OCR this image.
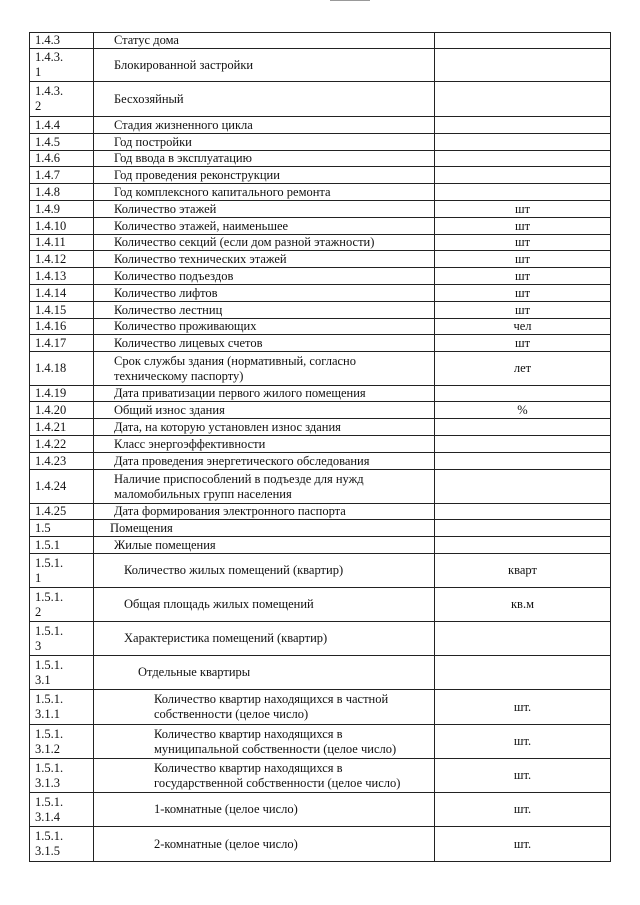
1.4.3	Статус дома	
1.4.3.
1	Блокированной застройки	
1.4.3.
2	Бесхозяйный	
1.4.4	Стадия жизненного цикла	
1.4.5	Год постройки	
1.4.6	Год ввода в эксплуатацию	
1.4.7	Год проведения реконструкции	
1.4.8	Год комплексного капитального ремонта	
1.4.9	Количество этажей	шт
1.4.10	Количество этажей, наименьшее	шт
1.4.11	Количество секций (если дом разной этажности)	шт
1.4.12	Количество технических этажей	шт
1.4.13	Количество подъездов	шт
1.4.14	Количество лифтов	шт
1.4.15	Количество лестниц	шт
1.4.16	Количество проживающих	чел
1.4.17	Количество лицевых счетов	шт
1.4.18	Срок службы здания (нормативный, согласно
техническому паспорту)	лет
1.4.19	Дата приватизации первого жилого помещения	
1.4.20	Общий износ здания	%
1.4.21	Дата, на которую установлен износ здания	
1.4.22	Класс энергоэффективности	
1.4.23	Дата проведения энергетического обследования	
1.4.24	Наличие приспособлений в подъезде для нужд
маломобильных групп населения	
1.4.25	Дата формирования электронного паспорта	
1.5	Помещения	
1.5.1	Жилые помещения	
1.5.1.
1	Количество жилых помещений (квартир)	кварт
1.5.1.
2	Общая площадь жилых помещений	кв.м
1.5.1.
3	Характеристика помещений (квартир)	
1.5.1.
3.1	Отдельные квартиры	
1.5.1.
3.1.1	Количество квартир находящихся в частной
собственности (целое число)	шт.
1.5.1.
3.1.2	Количество квартир находящихся в
муниципальной собственности (целое число)	шт.
1.5.1.
3.1.3	Количество квартир находящихся в
государственной собственности (целое число)	шт.
1.5.1.
3.1.4	1-комнатные (целое число)	шт.
1.5.1.
3.1.5	2-комнатные (целое число)	шт.
